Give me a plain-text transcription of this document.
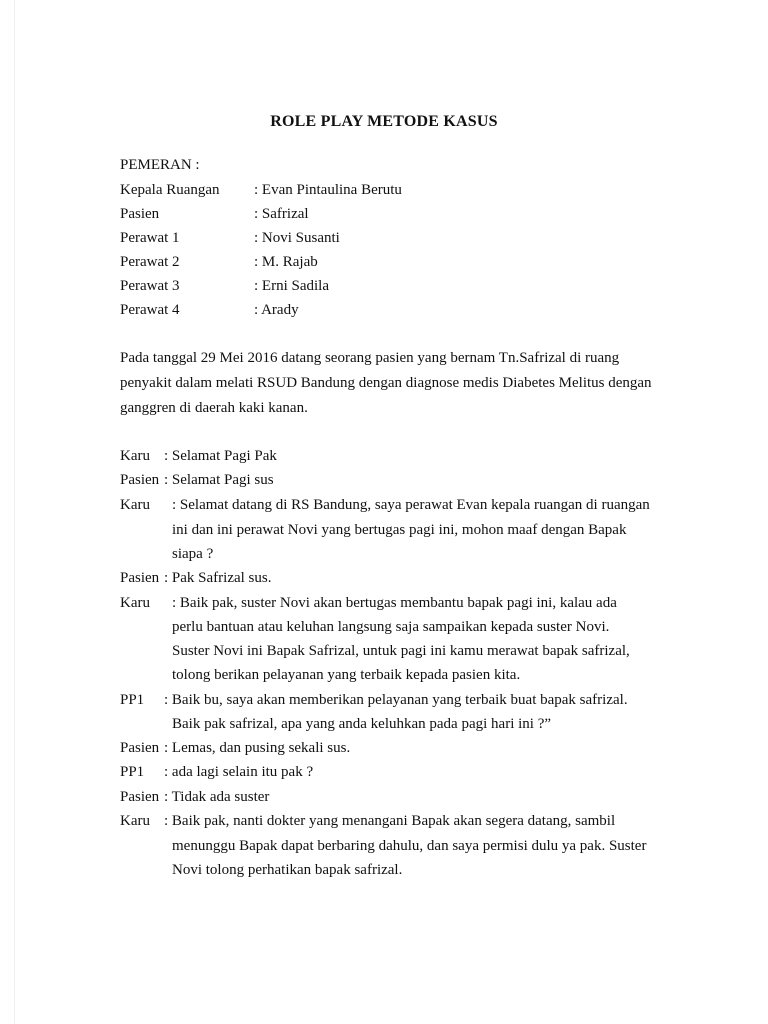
ROLE PLAY METODE KASUS
PEMERAN :
Kepala Ruangan : Evan Pintaulina Berutu
Pasien	: Safrizal
Perawat 1	: Novi Susanti
Perawat 2	: M. Rajab
Perawat 3	: Erni Sadila
Perawat 4	: Arady
Pada tanggal 29 Mei 2016 datang seorang pasien yang bernam Tn.Safrizal di ruang
penyakit dalam melati RSUD Bandung dengan diagnose medis Diabetes Melitus dengan
ganggren di daerah kaki kanan.
Karu : Selamat Pagi Pak
Pasien : Selamat Pagi sus
Karu : Selamat datang di RS Bandung, saya perawat Evan kepala ruangan di ruangan
ini dan ini perawat Novi yang bertugas pagi ini, mohon maaf dengan Bapak
siapa ?
Pasien : Pak Safrizal sus.
Karu : Baik pak, suster Novi akan bertugas membantu bapak pagi ini, kalau ada
perlu bantuan atau keluhan langsung saja sampaikan kepada suster Novi.
Suster Novi ini Bapak Safrizal, untuk pagi ini kamu merawat bapak safrizal,
tolong berikan pelayanan yang terbaik kepada pasien kita.
PP1 : Baik bu, saya akan memberikan pelayanan yang terbaik buat bapak safrizal.
Baik pak safrizal, apa yang anda keluhkan pada pagi hari ini ?”
Pasien : Lemas, dan pusing sekali sus.
PP1 : ada lagi selain itu pak ?
Pasien : Tidak ada suster
Karu : Baik pak, nanti dokter yang menangani Bapak akan segera datang, sambil
menunggu Bapak dapat berbaring dahulu, dan saya permisi dulu ya pak. Suster
Novi tolong perhatikan bapak safrizal.
